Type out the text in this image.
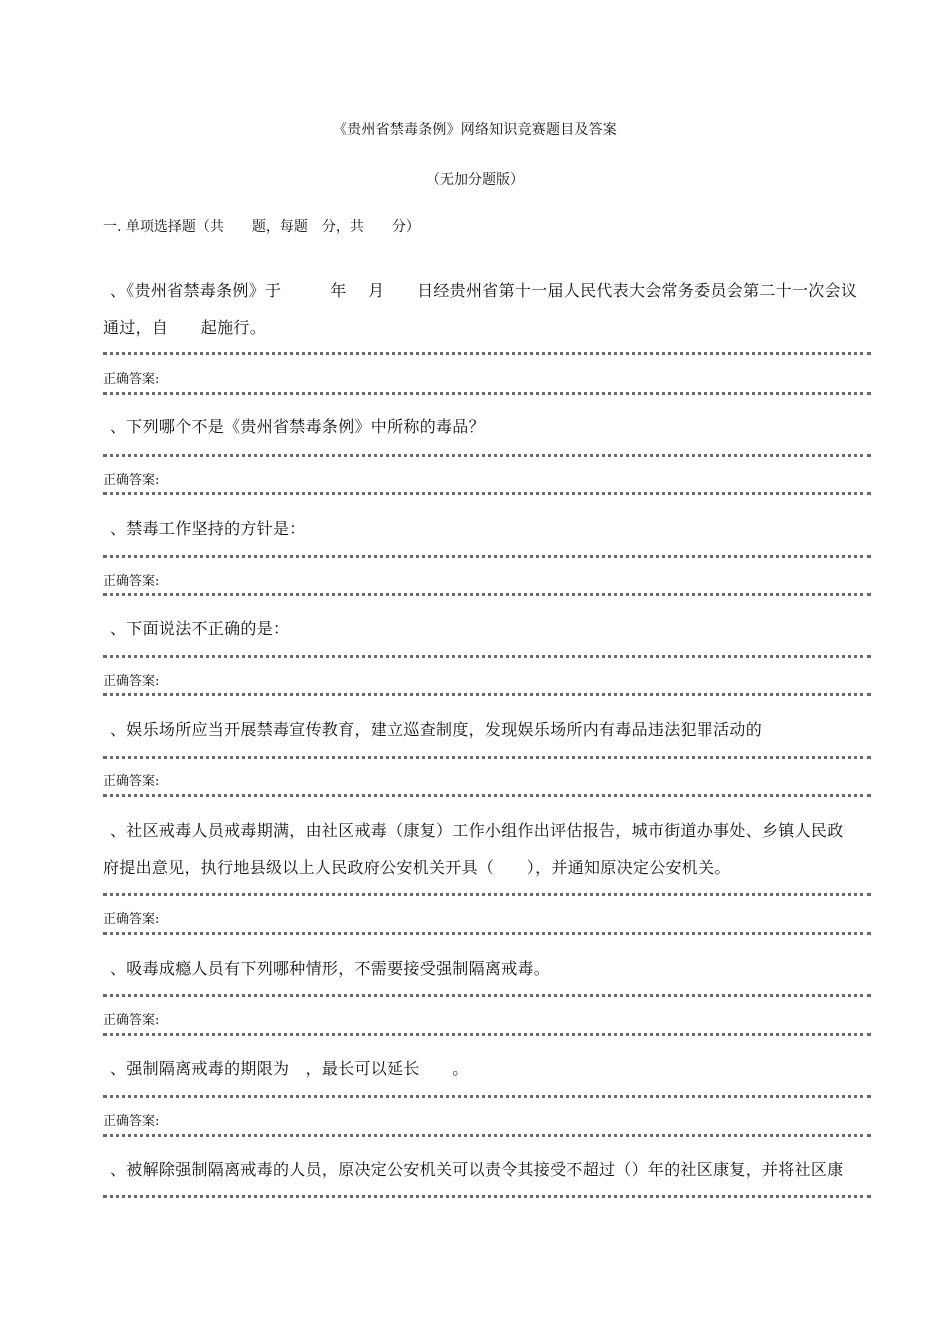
《贵州省禁毒条例》网络知识竞赛题目及答案
（无加分题版）
一. 单项选择题（共　　题，每题　分，共　　分）
、《贵州省禁毒条例》于　　　年　 月　　日经贵州省第十一届人民代表大会常务委员会第二十一次会议
通过，自　　起施行。
正确答案:
、下列哪个不是《贵州省禁毒条例》中所称的毒品？
正确答案:
、禁毒工作坚持的方针是：
正确答案:
、下面说法不正确的是：
正确答案:
、娱乐场所应当开展禁毒宣传教育，建立巡查制度，发现娱乐场所内有毒品违法犯罪活动的
正确答案:
、社区戒毒人员戒毒期满，由社区戒毒（康复）工作小组作出评估报告，城市街道办事处、乡镇人民政
府提出意见，执行地县级以上人民政府公安机关开具（　　），并通知原决定公安机关。
正确答案:
、吸毒成瘾人员有下列哪种情形，不需要接受强制隔离戒毒。
正确答案:
、强制隔离戒毒的期限为　，最长可以延长　　。
正确答案:
、被解除强制隔离戒毒的人员，原决定公安机关可以责令其接受不超过（）年的社区康复，并将社区康
